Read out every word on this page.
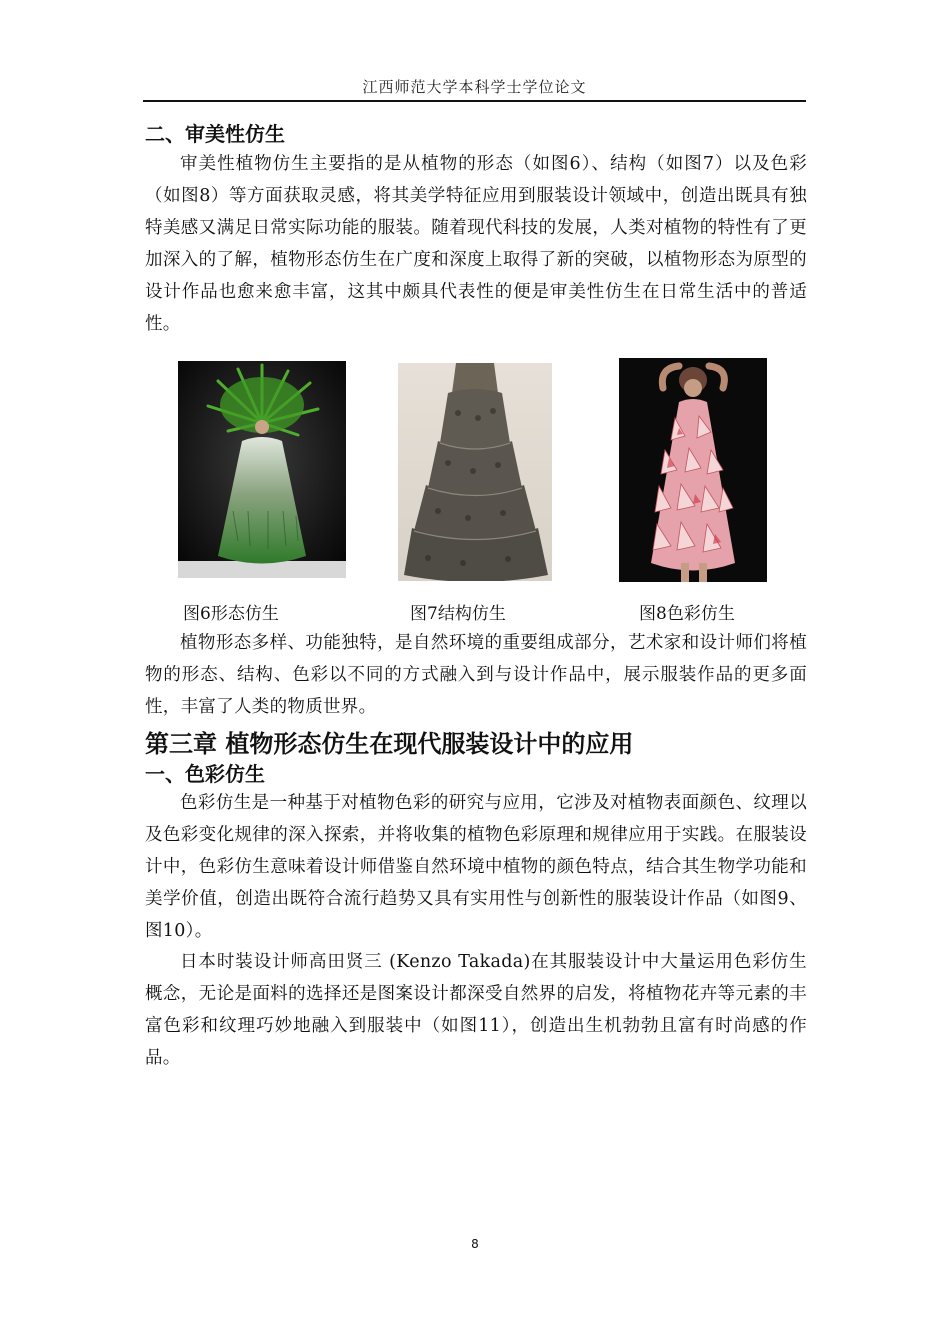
江西师范大学本科学士学位论文
二、审美性仿生

审美性植物仿生主要指的是从植物的形态（如图6）、结构（如图7）以及色彩（如图8）等方面获取灵感，将其美学特征应用到服装设计领域中，创造出既具有独特美感又满足日常实际功能的服装。随着现代科技的发展，人类对植物的特性有了更加深入的了解，植物形态仿生在广度和深度上取得了新的突破，以植物形态为原型的设计作品也愈来愈丰富，这其中颇具代表性的便是审美性仿生在日常生活中的普适性。

图6形态仿生	图7结构仿生	图8色彩仿生

植物形态多样、功能独特，是自然环境的重要组成部分，艺术家和设计师们将植物的形态、结构、色彩以不同的方式融入到与设计作品中，展示服装作品的更多面性，丰富了人类的物质世界。

第三章 植物形态仿生在现代服装设计中的应用
一、色彩仿生

色彩仿生是一种基于对植物色彩的研究与应用，它涉及对植物表面颜色、纹理以及色彩变化规律的深入探索，并将收集的植物色彩原理和规律应用于实践。在服装设计中，色彩仿生意味着设计师借鉴自然环境中植物的颜色特点，结合其生物学功能和美学价值，创造出既符合流行趋势又具有实用性与创新性的服装设计作品（如图9、图10）。

日本时装设计师高田贤三 (Kenzo Takada)在其服装设计中大量运用色彩仿生概念，无论是面料的选择还是图案设计都深受自然界的启发，将植物花卉等元素的丰富色彩和纹理巧妙地融入到服装中（如图11），创造出生机勃勃且富有时尚感的作品。

8
